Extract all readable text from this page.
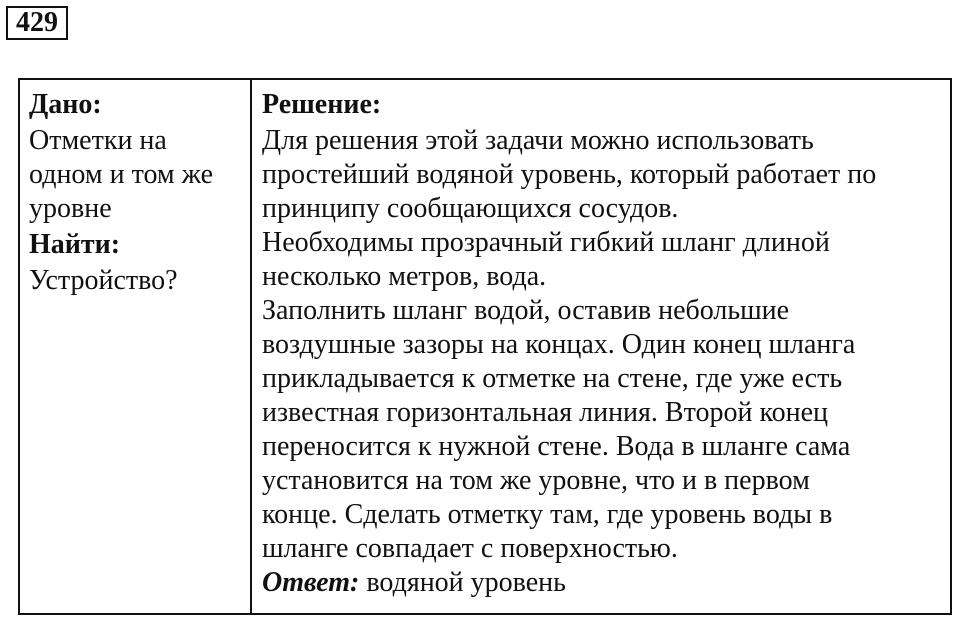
429
Дано:
Отметки на
одном и том же
уровне
Найти:
Устройство?
Решение:
Для решения этой задачи можно использовать
простейший водяной уровень, который работает по
принципу сообщающихся сосудов.
Необходимы прозрачный гибкий шланг длиной
несколько метров, вода.
Заполнить шланг водой, оставив небольшие
воздушные зазоры на концах. Один конец шланга
прикладывается к отметке на стене, где уже есть
известная горизонтальная линия. Второй конец
переносится к нужной стене. Вода в шланге сама
установится на том же уровне, что и в первом
конце. Сделать отметку там, где уровень воды в
шланге совпадает с поверхностью.
Ответ: водяной уровень
